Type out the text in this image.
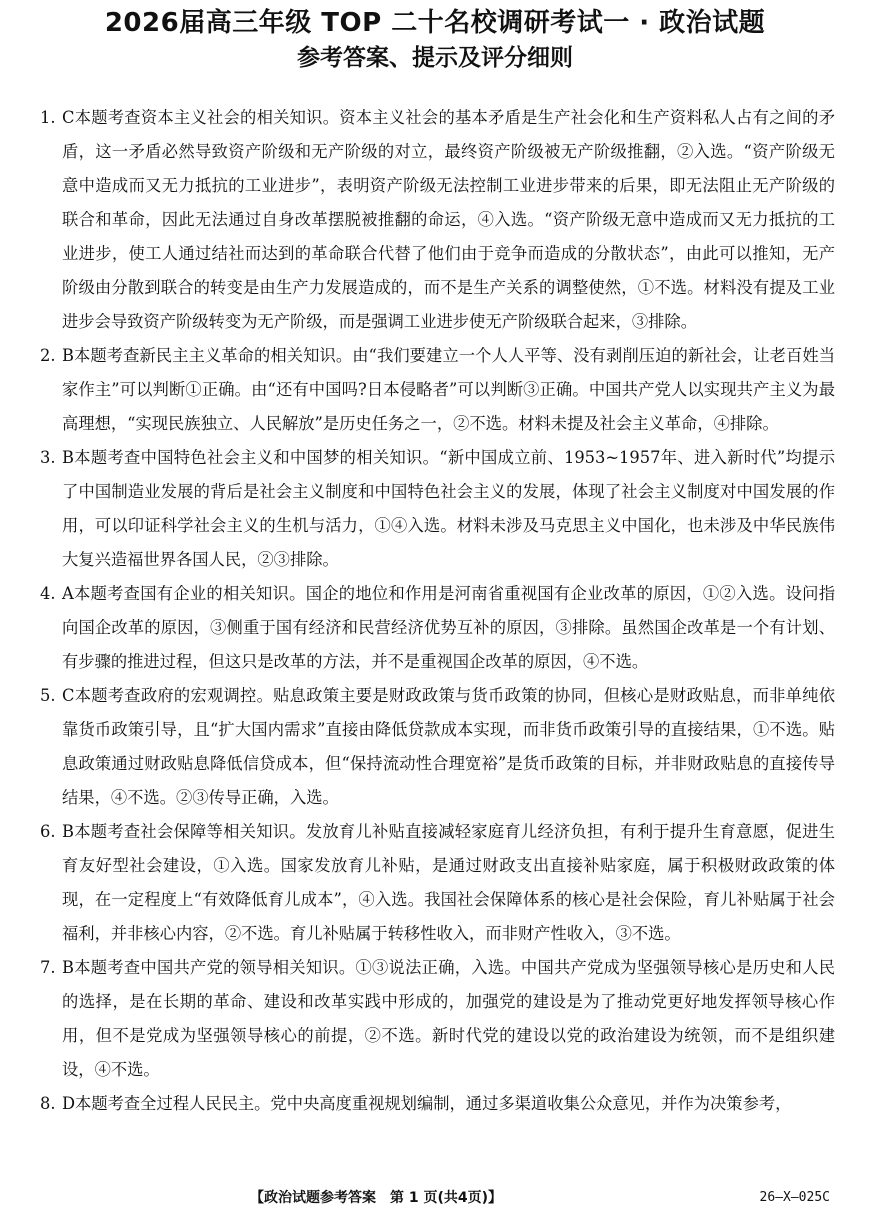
2026届高三年级 TOP 二十名校调研考试一 · 政治试题
参考答案、提示及评分细则
1. C本题考查资本主义社会的相关知识。资本主义社会的基本矛盾是生产社会化和生产资料私人占有之间的矛盾，这一矛盾必然导致资产阶级和无产阶级的对立，最终资产阶级被无产阶级推翻，②入选。“资产阶级无意中造成而又无力抵抗的工业进步”，表明资产阶级无法控制工业进步带来的后果，即无法阻止无产阶级的联合和革命，因此无法通过自身改革摆脱被推翻的命运，④入选。“资产阶级无意中造成而又无力抵抗的工业进步，使工人通过结社而达到的革命联合代替了他们由于竞争而造成的分散状态”，由此可以推知，无产阶级由分散到联合的转变是由生产力发展造成的，而不是生产关系的调整使然，①不选。材料没有提及工业进步会导致资产阶级转变为无产阶级，而是强调工业进步使无产阶级联合起来，③排除。
2. B本题考查新民主主义革命的相关知识。由“我们要建立一个人人平等、没有剥削压迫的新社会，让老百姓当家作主”可以判断①正确。由“还有中国吗?日本侵略者”可以判断③正确。中国共产党人以实现共产主义为最高理想，“实现民族独立、人民解放”是历史任务之一，②不选。材料未提及社会主义革命，④排除。
3. B本题考查中国特色社会主义和中国梦的相关知识。“新中国成立前、1953~1957年、进入新时代”均提示了中国制造业发展的背后是社会主义制度和中国特色社会主义的发展，体现了社会主义制度对中国发展的作用，可以印证科学社会主义的生机与活力，①④入选。材料未涉及马克思主义中国化，也未涉及中华民族伟大复兴造福世界各国人民，②③排除。
4. A本题考查国有企业的相关知识。国企的地位和作用是河南省重视国有企业改革的原因，①②入选。设问指向国企改革的原因，③侧重于国有经济和民营经济优势互补的原因，③排除。虽然国企改革是一个有计划、有步骤的推进过程，但这只是改革的方法，并不是重视国企改革的原因，④不选。
5. C本题考查政府的宏观调控。贴息政策主要是财政政策与货币政策的协同，但核心是财政贴息，而非单纯依靠货币政策引导，且“扩大国内需求”直接由降低贷款成本实现，而非货币政策引导的直接结果，①不选。贴息政策通过财政贴息降低信贷成本，但“保持流动性合理宽裕”是货币政策的目标，并非财政贴息的直接传导结果，④不选。②③传导正确，入选。
6. B本题考查社会保障等相关知识。发放育儿补贴直接减轻家庭育儿经济负担，有利于提升生育意愿，促进生育友好型社会建设，①入选。国家发放育儿补贴，是通过财政支出直接补贴家庭，属于积极财政政策的体现，在一定程度上“有效降低育儿成本”，④入选。我国社会保障体系的核心是社会保险，育儿补贴属于社会福利，并非核心内容，②不选。育儿补贴属于转移性收入，而非财产性收入，③不选。
7. B本题考查中国共产党的领导相关知识。①③说法正确，入选。中国共产党成为坚强领导核心是历史和人民的选择，是在长期的革命、建设和改革实践中形成的，加强党的建设是为了推动党更好地发挥领导核心作用，但不是党成为坚强领导核心的前提，②不选。新时代党的建设以党的政治建设为统领，而不是组织建设，④不选。
8. D本题考查全过程人民民主。党中央高度重视规划编制，通过多渠道收集公众意见，并作为决策参考，
【政治试题参考答案　第 1 页(共4页)】	26—X—025C
